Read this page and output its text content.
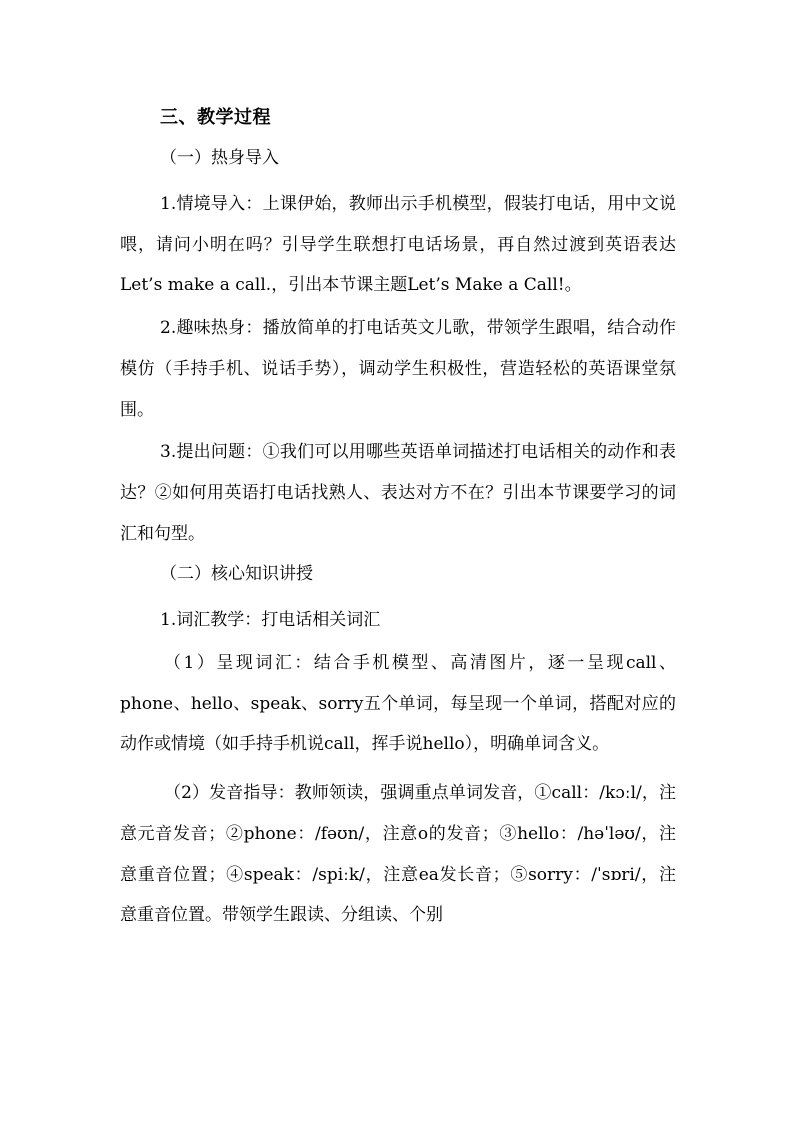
三、教学过程
（一）热身导入

1.情境导入：上课伊始，教师出示手机模型，假装打电话，用中文说喂，请问小明在吗？引导学生联想打电话场景，再自然过渡到英语表达Let’s make a call.，引出本节课主题Let’s Make a Call!。

2.趣味热身：播放简单的打电话英文儿歌，带领学生跟唱，结合动作模仿（手持手机、说话手势），调动学生积极性，营造轻松的英语课堂氛围。

3.提出问题：①我们可以用哪些英语单词描述打电话相关的动作和表达？②如何用英语打电话找熟人、表达对方不在？引出本节课要学习的词汇和句型。

（二）核心知识讲授

1.词汇教学：打电话相关词汇

（1）呈现词汇：结合手机模型、高清图片，逐一呈现call、phone、hello、speak、sorry五个单词，每呈现一个单词，搭配对应的动作或情境（如手持手机说call，挥手说hello），明确单词含义。

（2）发音指导：教师领读，强调重点单词发音，①call：/kɔːl/，注意元音发音；②phone：/fəʊn/，注意o的发音；③hello：/həˈləʊ/，注意重音位置；④speak：/spiːk/，注意ea发长音；⑤sorry：/ˈsɒri/，注意重音位置。带领学生跟读、分组读、个别
